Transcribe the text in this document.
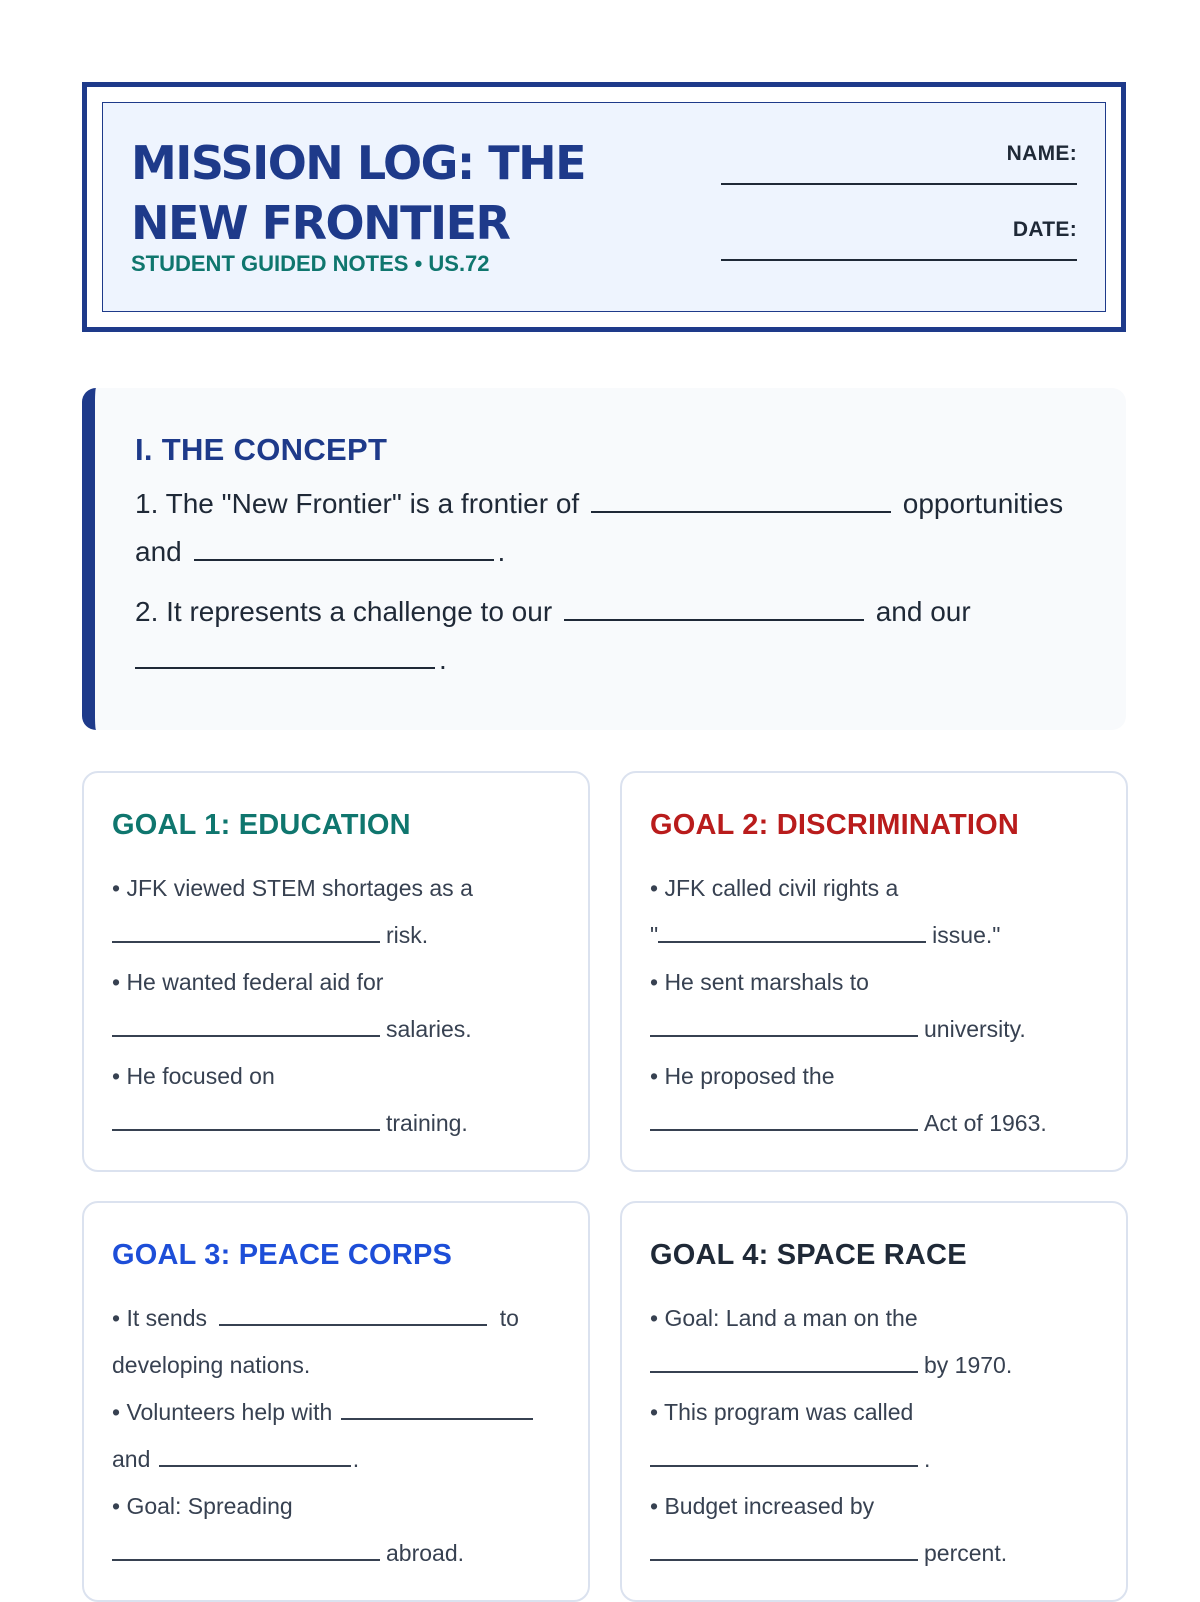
MISSION LOG: THE NEW FRONTIER
STUDENT GUIDED NOTES • US.72
NAME:
DATE:
I. THE CONCEPT

1. The "New Frontier" is a frontier of	opportunities and	.

2. It represents a challenge to our	and our
.

GOAL 1: EDUCATION
• JFK viewed STEM shortages as a
risk.
• He wanted federal aid for
salaries.
• He focused on
training.
GOAL 2: DISCRIMINATION
• JFK called civil rights a
"	issue."
• He sent marshals to
university.
• He proposed the
Act of 1963.
GOAL 3: PEACE CORPS
• It sends	to developing nations.
• Volunteers help with  and	.
• Goal: Spreading
abroad.
GOAL 4: SPACE RACE
• Goal: Land a man on the
by 1970.
• This program was called
.
• Budget increased by
percent.
